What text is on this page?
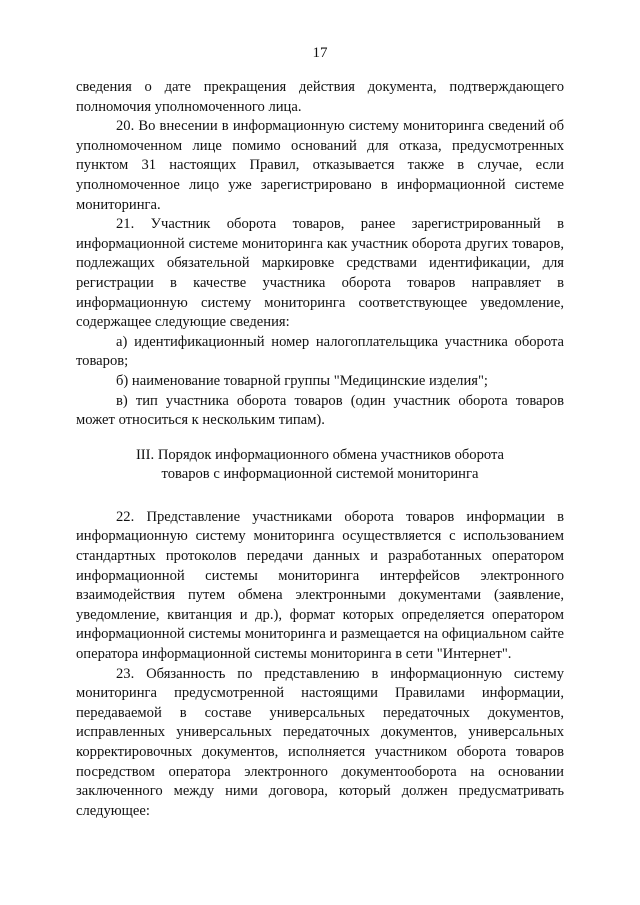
17

сведения о дате прекращения действия документа, подтверждающего полномочия уполномоченного лица.

20. Во внесении в информационную систему мониторинга сведений об уполномоченном лице помимо оснований для отказа, предусмотренных пунктом 31 настоящих Правил, отказывается также в случае, если уполномоченное лицо уже зарегистрировано в информационной системе мониторинга.

21. Участник оборота товаров, ранее зарегистрированный в информационной системе мониторинга как участник оборота других товаров, подлежащих обязательной маркировке средствами идентификации, для регистрации в качестве участника оборота товаров направляет в информационную систему мониторинга соответствующее уведомление, содержащее следующие сведения:

а) идентификационный номер налогоплательщика участника оборота товаров;

б) наименование товарной группы "Медицинские изделия";

в) тип участника оборота товаров (один участник оборота товаров может относиться к нескольким типам).

III. Порядок информационного обмена участников оборота
товаров с информационной системой мониторинга

22. Представление участниками оборота товаров информации в информационную систему мониторинга осуществляется с использованием стандартных протоколов передачи данных и разработанных оператором информационной системы мониторинга интерфейсов электронного взаимодействия путем обмена электронными документами (заявление, уведомление, квитанция и др.), формат которых определяется оператором информационной системы мониторинга и размещается на официальном сайте оператора информационной системы мониторинга в сети "Интернет".

23. Обязанность по представлению в информационную систему мониторинга предусмотренной настоящими Правилами информации, передаваемой в составе универсальных передаточных документов, исправленных универсальных передаточных документов, универсальных корректировочных документов, исполняется участником оборота товаров посредством оператора электронного документооборота на основании заключенного между ними договора, который должен предусматривать следующее:
